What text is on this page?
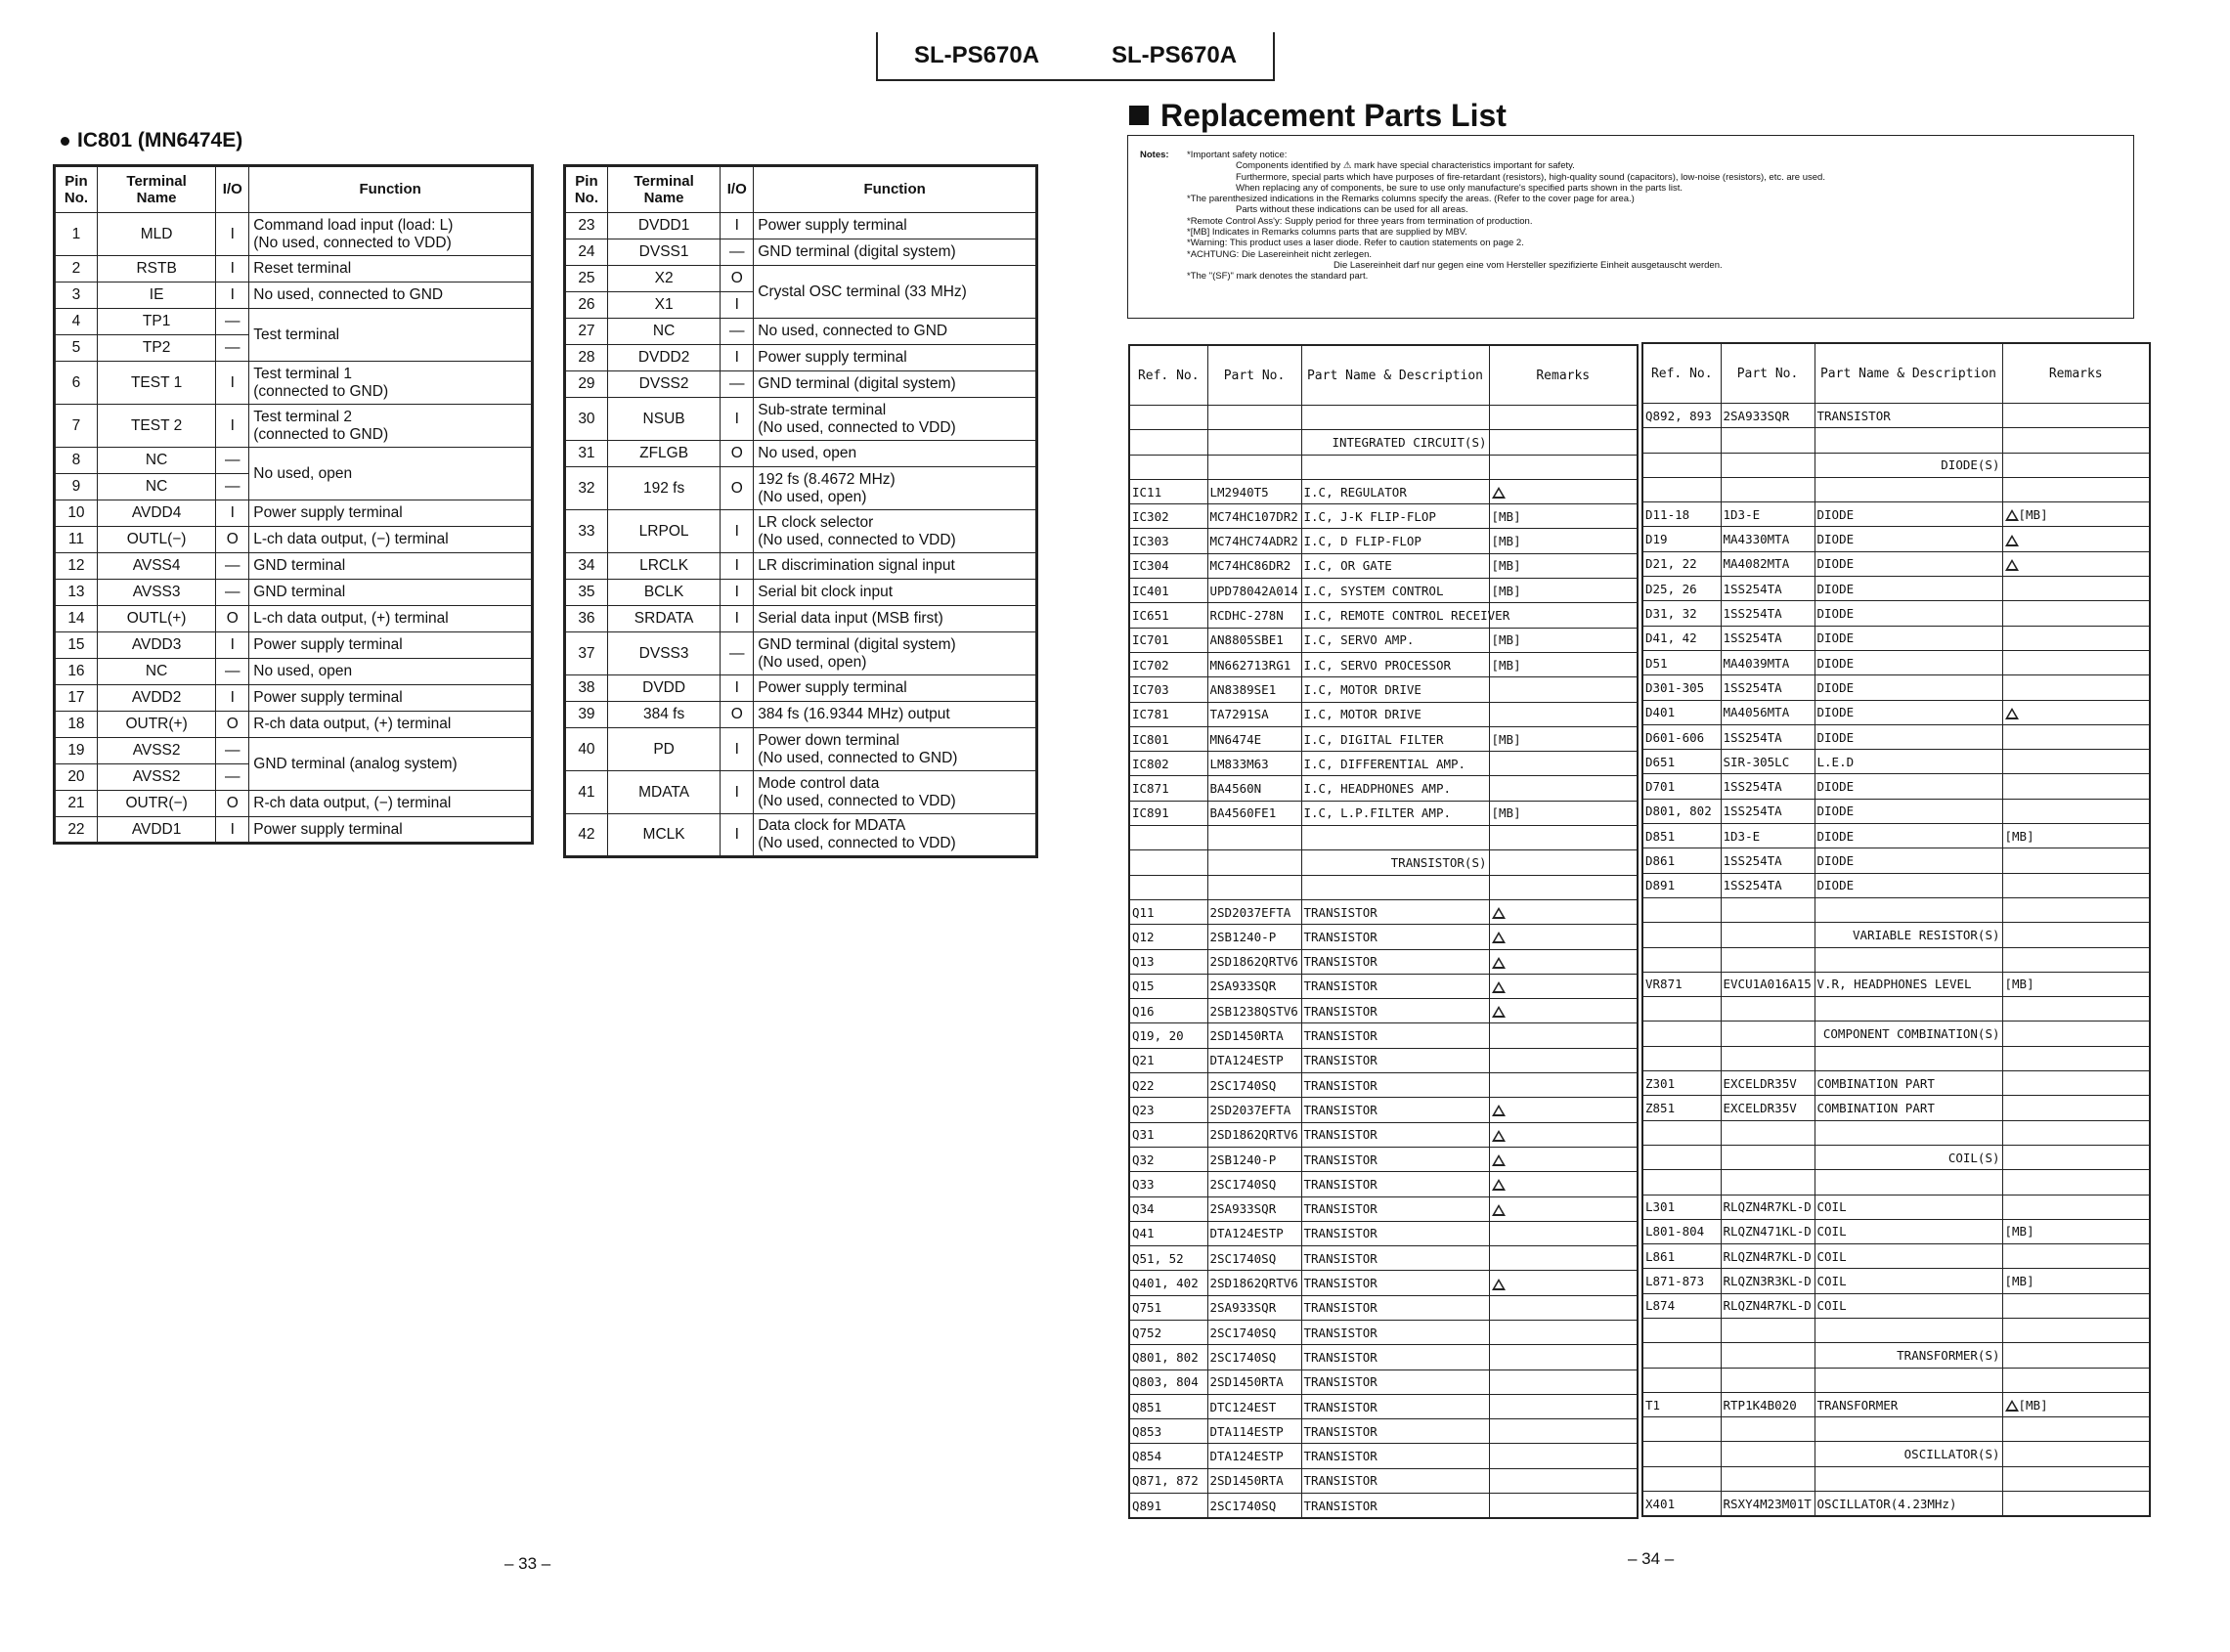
SL-PS670A	SL-PS670A
IC801 (MN6474E)
Pin
No.	Terminal
Name	I/O	Function
1	MLD	I	Command load input (load: L)
(No used, connected to VDD)
2	RSTB	I	Reset terminal
3	IE	I	No used, connected to GND
4	TP1	—	Test terminal
5	TP2	—	
6	TEST 1	I	Test terminal 1
(connected to GND)
7	TEST 2	I	Test terminal 2
(connected to GND)
8	NC	—	No used, open
9	NC	—	
10	AVDD4	I	Power supply terminal
11	OUTL(−)	O	L-ch data output, (−) terminal
12	AVSS4	—	GND terminal
13	AVSS3	—	GND terminal
14	OUTL(+)	O	L-ch data output, (+) terminal
15	AVDD3	I	Power supply terminal
16	NC	—	No used, open
17	AVDD2	I	Power supply terminal
18	OUTR(+)	O	R-ch data output, (+) terminal
19	AVSS2	—	GND terminal (analog system)
20	AVSS2	—	
21	OUTR(−)	O	R-ch data output, (−) terminal
22	AVDD1	I	Power supply terminal
Pin
No.	Terminal
Name	I/O	Function
23	DVDD1	I	Power supply terminal
24	DVSS1	—	GND terminal (digital system)
25	X2	O	Crystal OSC terminal (33 MHz)
26	X1	I	
27	NC	—	No used, connected to GND
28	DVDD2	I	Power supply terminal
29	DVSS2	—	GND terminal (digital system)
30	NSUB	I	Sub-strate terminal
(No used, connected to VDD)
31	ZFLGB	O	No used, open
32	192 fs	O	192 fs (8.4672 MHz)
(No used, open)
33	LRPOL	I	LR clock selector
(No used, connected to VDD)
34	LRCLK	I	LR discrimination signal input
35	BCLK	I	Serial bit clock input
36	SRDATA	I	Serial data input (MSB first)
37	DVSS3	—	GND terminal (digital system)
(No used, open)
38	DVDD	I	Power supply terminal
39	384 fs	O	384 fs (16.9344 MHz) output
40	PD	I	Power down terminal
(No used, connected to GND)
41	MDATA	I	Mode control data
(No used, connected to VDD)
42	MCLK	I	Data clock for MDATA
(No used, connected to VDD)
– 33 –	– 34 –
Replacement Parts List
Notes: *Important safety notice:
Components identified by ⚠ mark have special characteristics important for safety.
Furthermore, special parts which have purposes of fire-retardant (resistors), high-quality sound (capacitors), low-noise (resistors), etc. are used.
When replacing any of components, be sure to use only manufacture's specified parts shown in the parts list.
*The parenthesized indications in the Remarks columns specify the areas. (Refer to the cover page for area.)
Parts without these indications can be used for all areas.
*Remote Control Ass'y: Supply period for three years from termination of production.
*[MB] Indicates in Remarks columns parts that are supplied by MBV.
*Warning: This product uses a laser diode. Refer to caution statements on page 2.
*ACHTUNG: Die Lasereinheit nicht zerlegen.
Die Lasereinheit darf nur gegen eine vom Hersteller spezifizierte Einheit ausgetauscht werden.
*The "(SF)" mark denotes the standard part.
Ref. No.	Part No.	Part Name & Description	Remarks

		INTEGRATED CIRCUIT(S)	

IC11	LM2940T5	I.C, REGULATOR	
IC302	MC74HC107DR2	I.C, J-K FLIP-FLOP	[MB]
IC303	MC74HC74ADR2	I.C, D FLIP-FLOP	[MB]
IC304	MC74HC86DR2	I.C, OR GATE	[MB]
IC401	UPD78042A014	I.C, SYSTEM CONTROL	[MB]
IC651	RCDHC-278N	I.C, REMOTE CONTROL RECEIVER	
IC701	AN8805SBE1	I.C, SERVO AMP.	[MB]
IC702	MN662713RG1	I.C, SERVO PROCESSOR	[MB]
IC703	AN8389SE1	I.C, MOTOR DRIVE	
IC781	TA7291SA	I.C, MOTOR DRIVE	
IC801	MN6474E	I.C, DIGITAL FILTER	[MB]
IC802	LM833M63	I.C, DIFFERENTIAL AMP.	
IC871	BA4560N	I.C, HEADPHONES AMP.	
IC891	BA4560FE1	I.C, L.P.FILTER AMP.	[MB]

		TRANSISTOR(S)	

Q11	2SD2037EFTA	TRANSISTOR	
Q12	2SB1240-P	TRANSISTOR	
Q13	2SD1862QRTV6	TRANSISTOR	
Q15	2SA933SQR	TRANSISTOR	
Q16	2SB1238QSTV6	TRANSISTOR	
Q19, 20	2SD1450RTA	TRANSISTOR	
Q21	DTA124ESTP	TRANSISTOR	
Q22	2SC1740SQ	TRANSISTOR	
Q23	2SD2037EFTA	TRANSISTOR	
Q31	2SD1862QRTV6	TRANSISTOR	
Q32	2SB1240-P	TRANSISTOR	
Q33	2SC1740SQ	TRANSISTOR	
Q34	2SA933SQR	TRANSISTOR	
Q41	DTA124ESTP	TRANSISTOR	
Q51, 52	2SC1740SQ	TRANSISTOR	
Q401, 402	2SD1862QRTV6	TRANSISTOR	
Q751	2SA933SQR	TRANSISTOR	
Q752	2SC1740SQ	TRANSISTOR	
Q801, 802	2SC1740SQ	TRANSISTOR	
Q803, 804	2SD1450RTA	TRANSISTOR	
Q851	DTC124EST	TRANSISTOR	
Q853	DTA114ESTP	TRANSISTOR	
Q854	DTA124ESTP	TRANSISTOR	
Q871, 872	2SD1450RTA	TRANSISTOR	
Q891	2SC1740SQ	TRANSISTOR	
Ref. No.	Part No.	Part Name & Description	Remarks
Q892, 893	2SA933SQR	TRANSISTOR	

		DIODE(S)	

D11-18	1D3-E	DIODE	[MB]
D19	MA4330MTA	DIODE	
D21, 22	MA4082MTA	DIODE	
D25, 26	1SS254TA	DIODE	
D31, 32	1SS254TA	DIODE	
D41, 42	1SS254TA	DIODE	
D51	MA4039MTA	DIODE	
D301-305	1SS254TA	DIODE	
D401	MA4056MTA	DIODE	
D601-606	1SS254TA	DIODE	
D651	SIR-305LC	L.E.D	
D701	1SS254TA	DIODE	
D801, 802	1SS254TA	DIODE	
D851	1D3-E	DIODE	[MB]
D861	1SS254TA	DIODE	
D891	1SS254TA	DIODE	

		VARIABLE RESISTOR(S)	

VR871	EVCU1A016A15	V.R, HEADPHONES LEVEL	[MB]

		COMPONENT COMBINATION(S)	

Z301	EXCELDR35V	COMBINATION PART	
Z851	EXCELDR35V	COMBINATION PART	

		COIL(S)	

L301	RLQZN4R7KL-D	COIL	
L801-804	RLQZN471KL-D	COIL	[MB]
L861	RLQZN4R7KL-D	COIL	
L871-873	RLQZN3R3KL-D	COIL	[MB]
L874	RLQZN4R7KL-D	COIL	

		TRANSFORMER(S)	

T1	RTP1K4B020	TRANSFORMER	[MB]

		OSCILLATOR(S)	

X401	RSXY4M23M01T	OSCILLATOR(4.23MHz)	
